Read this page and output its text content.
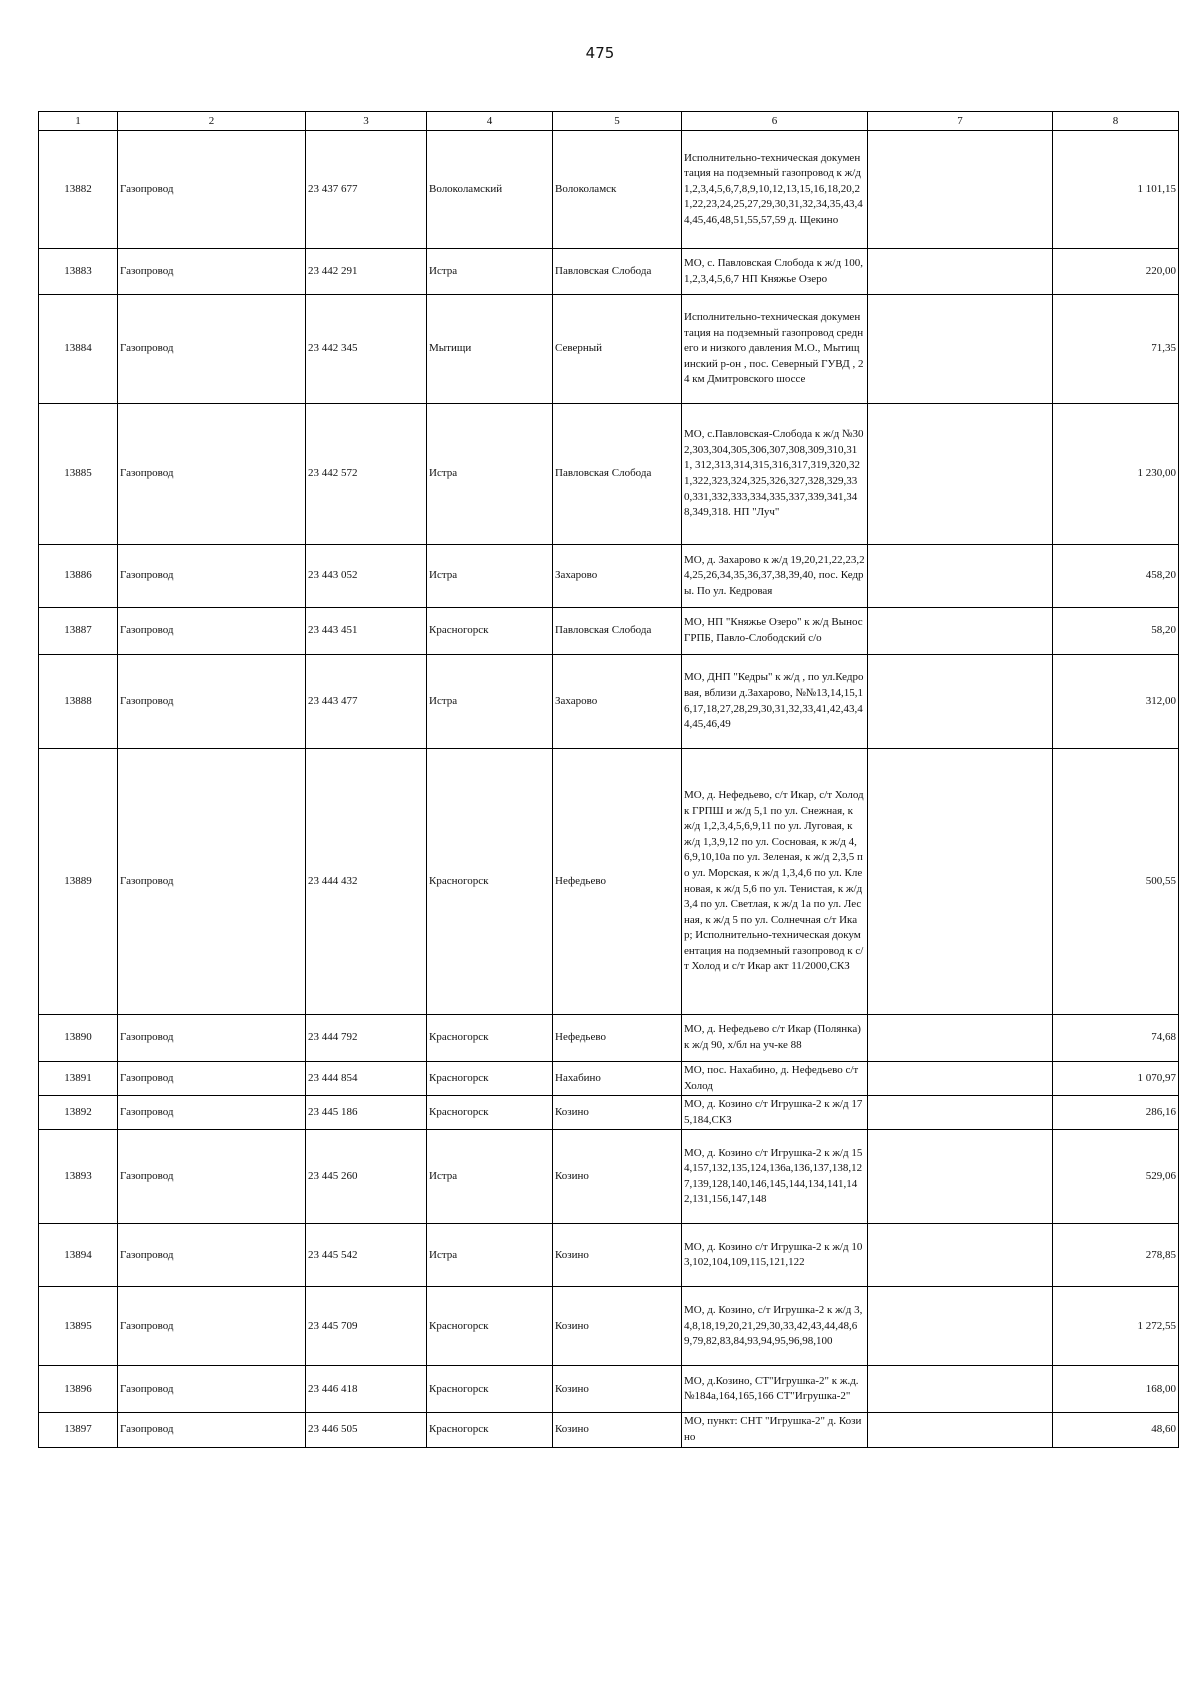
475
1	2	3	4	5	6	7	8
13882	Газопровод	23 437 677	Волоколамский	Волоколамск	Исполнительно-техническая документация на подземный газопровод к ж/д 1,2,3,4,5,6,7,8,9,10,12,13,15,16,18,20,21,22,23,24,25,27,29,30,31,32,34,35,43,44,45,46,48,51,55,57,59 д. Щекино		1 101,15
13883	Газопровод	23 442 291	Истра	Павловская Слобода	МО, с. Павловская Слобода к ж/д 100,1,2,3,4,5,6,7 НП Княжье Озеро		220,00
13884	Газопровод	23 442 345	Мытищи	Северный	Исполнительно-техническая документация на подземный газопровод среднего и низкого давления М.О., Мытищинский р-он , пос. Северный ГУВД , 24 км Дмитровского шоссе		71,35
13885	Газопровод	23 442 572	Истра	Павловская Слобода	МО, с.Павловская-Слобода к ж/д №302,303,304,305,306,307,308,309,310,311, 312,313,314,315,316,317,319,320,321,322,323,324,325,326,327,328,329,330,331,332,333,334,335,337,339,341,348,349,318. НП "Луч"		1 230,00
13886	Газопровод	23 443 052	Истра	Захарово	МО, д. Захарово к ж/д 19,20,21,22,23,24,25,26,34,35,36,37,38,39,40, пос. Кедры. По ул. Кедровая		458,20
13887	Газопровод	23 443 451	Красногорск	Павловская Слобода	МО, НП "Княжье Озеро" к ж/д Вынос ГРПБ, Павло-Слободский с/о		58,20
13888	Газопровод	23 443 477	Истра	Захарово	МО, ДНП "Кедры" к ж/д , по ул.Кедровая, вблизи д.Захарово, №№13,14,15,16,17,18,27,28,29,30,31,32,33,41,42,43,44,45,46,49		312,00
13889	Газопровод	23 444 432	Красногорск	Нефедьево	МО, д. Нефедьево, с/т Икар, с/т Холод к ГРПШ и ж/д 5,1 по ул. Снежная, к ж/д 1,2,3,4,5,6,9,11 по ул. Луговая, к ж/д 1,3,9,12 по ул. Сосновая, к ж/д 4,6,9,10,10а по ул. Зеленая, к ж/д 2,3,5 по ул. Морская, к ж/д 1,3,4,6 по ул. Кленовая, к ж/д 5,6 по ул. Тенистая, к ж/д 3,4 по ул. Светлая, к ж/д 1а по ул. Лесная, к ж/д 5 по ул. Солнечная с/т Икар; Исполнительно-техническая документация на подземный газопровод к с/т Холод и с/т Икар акт 11/2000,СКЗ		500,55
13890	Газопровод	23 444 792	Красногорск	Нефедьево	МО, д. Нефедьево с/т Икар (Полянка) к ж/д 90, х/бл на уч-ке 88		74,68
13891	Газопровод	23 444 854	Красногорск	Нахабино	МО, пос. Нахабино, д. Нефедьево с/т Холод		1 070,97
13892	Газопровод	23 445 186	Красногорск	Козино	МО, д. Козино с/т Игрушка-2 к ж/д 175,184,СКЗ		286,16
13893	Газопровод	23 445 260	Истра	Козино	МО, д. Козино с/т Игрушка-2 к ж/д 154,157,132,135,124,136а,136,137,138,127,139,128,140,146,145,144,134,141,142,131,156,147,148		529,06
13894	Газопровод	23 445 542	Истра	Козино	МО, д. Козино с/т Игрушка-2 к ж/д 103,102,104,109,115,121,122		278,85
13895	Газопровод	23 445 709	Красногорск	Козино	МО, д. Козино, с/т Игрушка-2 к ж/д 3,4,8,18,19,20,21,29,30,33,42,43,44,48,69,79,82,83,84,93,94,95,96,98,100		1 272,55
13896	Газопровод	23 446 418	Красногорск	Козино	МО, д.Козино, СТ"Игрушка-2" к ж.д.№184а,164,165,166 СТ"Игрушка-2"		168,00
13897	Газопровод	23 446 505	Красногорск	Козино	МО, пункт: СНТ "Игрушка-2" д. Козино		48,60
